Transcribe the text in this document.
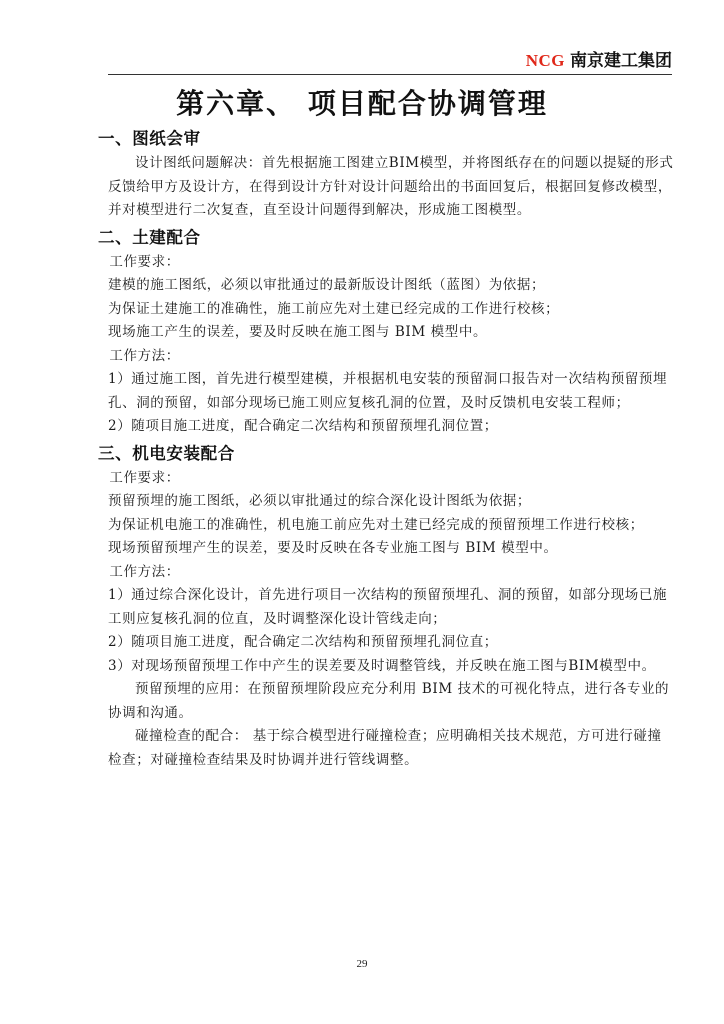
NCG 南京建工集团
第六章、 项目配合协调管理
一、图纸会审

设计图纸问题解决：首先根据施工图建立BIM模型，并将图纸存在的问题以提疑的形式反馈给甲方及设计方，在得到设计方针对设计问题给出的书面回复后，根据回复修改模型，并对模型进行二次复查，直至设计问题得到解决，形成施工图模型。

二、土建配合

工作要求：

建模的施工图纸，必须以审批通过的最新版设计图纸（蓝图）为依据；

为保证土建施工的准确性，施工前应先对土建已经完成的工作进行校核；

现场施工产生的误差，要及时反映在施工图与 BIM 模型中。

工作方法：

1）通过施工图，首先进行模型建模，并根据机电安装的预留洞口报告对一次结构预留预埋孔、洞的预留，如部分现场已施工则应复核孔洞的位置，及时反馈机电安装工程师；

2）随项目施工进度，配合确定二次结构和预留预埋孔洞位置；

三、机电安装配合

工作要求：

预留预埋的施工图纸，必须以审批通过的综合深化设计图纸为依据；

为保证机电施工的准确性，机电施工前应先对土建已经完成的预留预埋工作进行校核；

现场预留预埋产生的误差，要及时反映在各专业施工图与 BIM 模型中。

工作方法：

1）通过综合深化设计，首先进行项目一次结构的预留预埋孔、洞的预留，如部分现场已施工则应复核孔洞的位直，及时调整深化设计管线走向；

2）随项目施工进度，配合确定二次结构和预留预埋孔洞位直；

3）对现场预留预埋工作中产生的误差要及时调整管线，并反映在施工图与BIM模型中。

预留预埋的应用：在预留预埋阶段应充分利用 BIM 技术的可视化特点，进行各专业的协调和沟通。

碰撞检查的配合： 基于综合模型进行碰撞检查；应明确相关技术规范，方可进行碰撞检查；对碰撞检查结果及时协调并进行管线调整。

29
